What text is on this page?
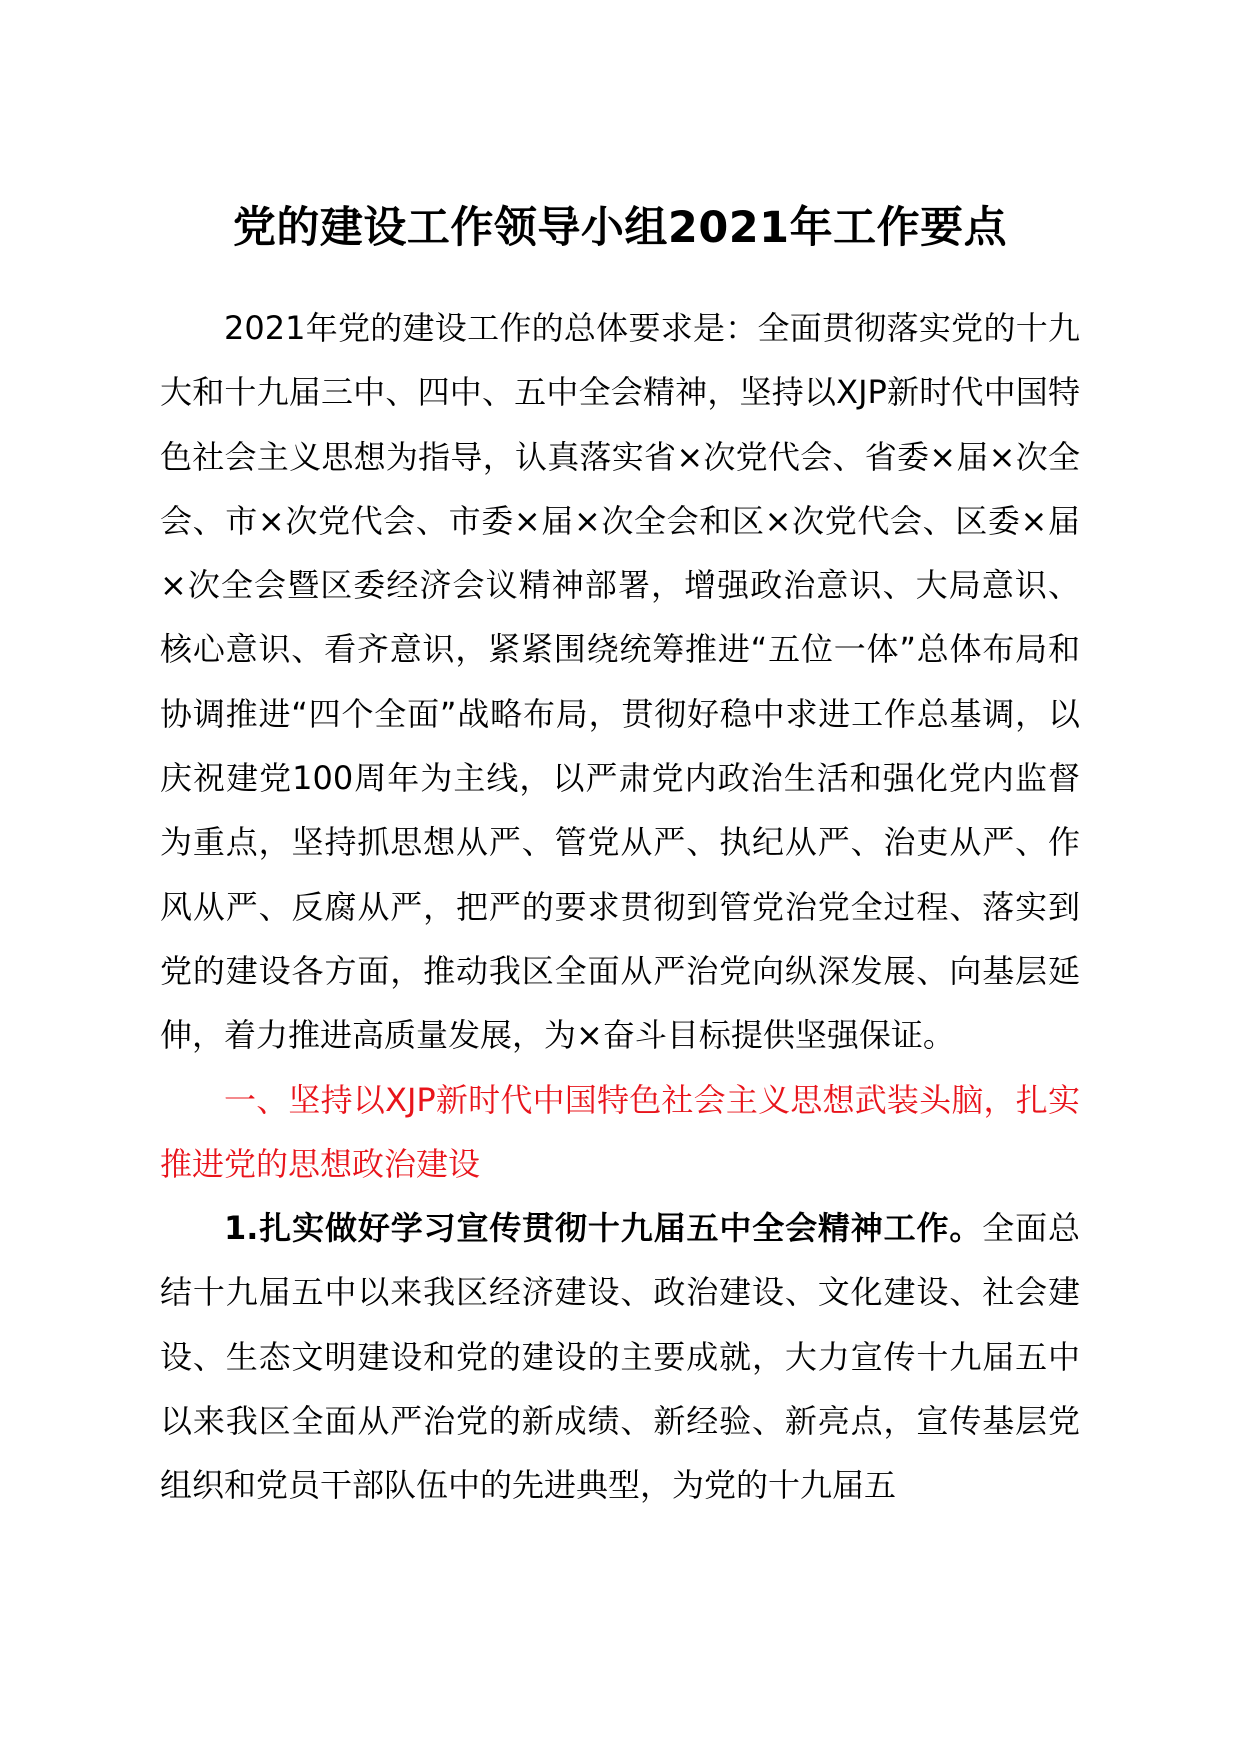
党的建设工作领导小组2021年工作要点

2021年党的建设工作的总体要求是：全面贯彻落实党的十九大和十九届三中、四中、五中全会精神，坚持以XJP新时代中国特色社会主义思想为指导，认真落实省×次党代会、省委×届×次全会、市×次党代会、市委×届×次全会和区×次党代会、区委×届×次全会暨区委经济会议精神部署，增强政治意识、大局意识、核心意识、看齐意识，紧紧围绕统筹推进“五位一体”总体布局和协调推进“四个全面”战略布局，贯彻好稳中求进工作总基调，以庆祝建党100周年为主线，以严肃党内政治生活和强化党内监督为重点，坚持抓思想从严、管党从严、执纪从严、治吏从严、作风从严、反腐从严，把严的要求贯彻到管党治党全过程、落实到党的建设各方面，推动我区全面从严治党向纵深发展、向基层延伸，着力推进高质量发展，为×奋斗目标提供坚强保证。

一、坚持以XJP新时代中国特色社会主义思想武装头脑，扎实推进党的思想政治建设

1.扎实做好学习宣传贯彻十九届五中全会精神工作。全面总结十九届五中以来我区经济建设、政治建设、文化建设、社会建设、生态文明建设和党的建设的主要成就，大力宣传十九届五中以来我区全面从严治党的新成绩、新经验、新亮点，宣传基层党组织和党员干部队伍中的先进典型，为党的十九届五
